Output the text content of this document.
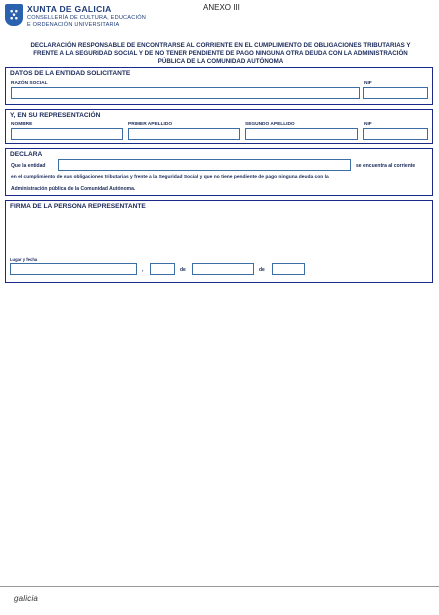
XUNTA DE GALICIA
CONSELLERÍA DE CULTURA, EDUCACIÓN
E ORDENACIÓN UNIVERSITARIA
ANEXO III
DECLARACIÓN RESPONSABLE DE ENCONTRARSE AL CORRIENTE EN EL CUMPLIMIENTO DE OBLIGACIONES TRIBUTARIAS Y
FRENTE A LA SEGURIDAD SOCIAL Y DE NO TENER PENDIENTE DE PAGO NINGUNA OTRA DEUDA CON LA ADMINISTRACIÓN
PÚBLICA DE LA COMUNIDAD AUTÓNOMA
DATOS DE LA ENTIDAD SOLICITANTE
RAZÓN SOCIAL	NIF
Y, EN SU REPRESENTACIÓN
NOMBRE	PRIMER APELLIDO	SEGUNDO APELLIDO	NIF
DECLARA
Que la entidad	se encuentra al corriente
en el cumplimiento de sus obligaciones tributarias y frente a la Seguridad Social y que no tiene pendiente de pago ninguna deuda con la
Administración pública de la Comunidad Autónoma.
FIRMA DE LA PERSONA REPRESENTANTE
Lugar y fecha
,	de	de
galicia
